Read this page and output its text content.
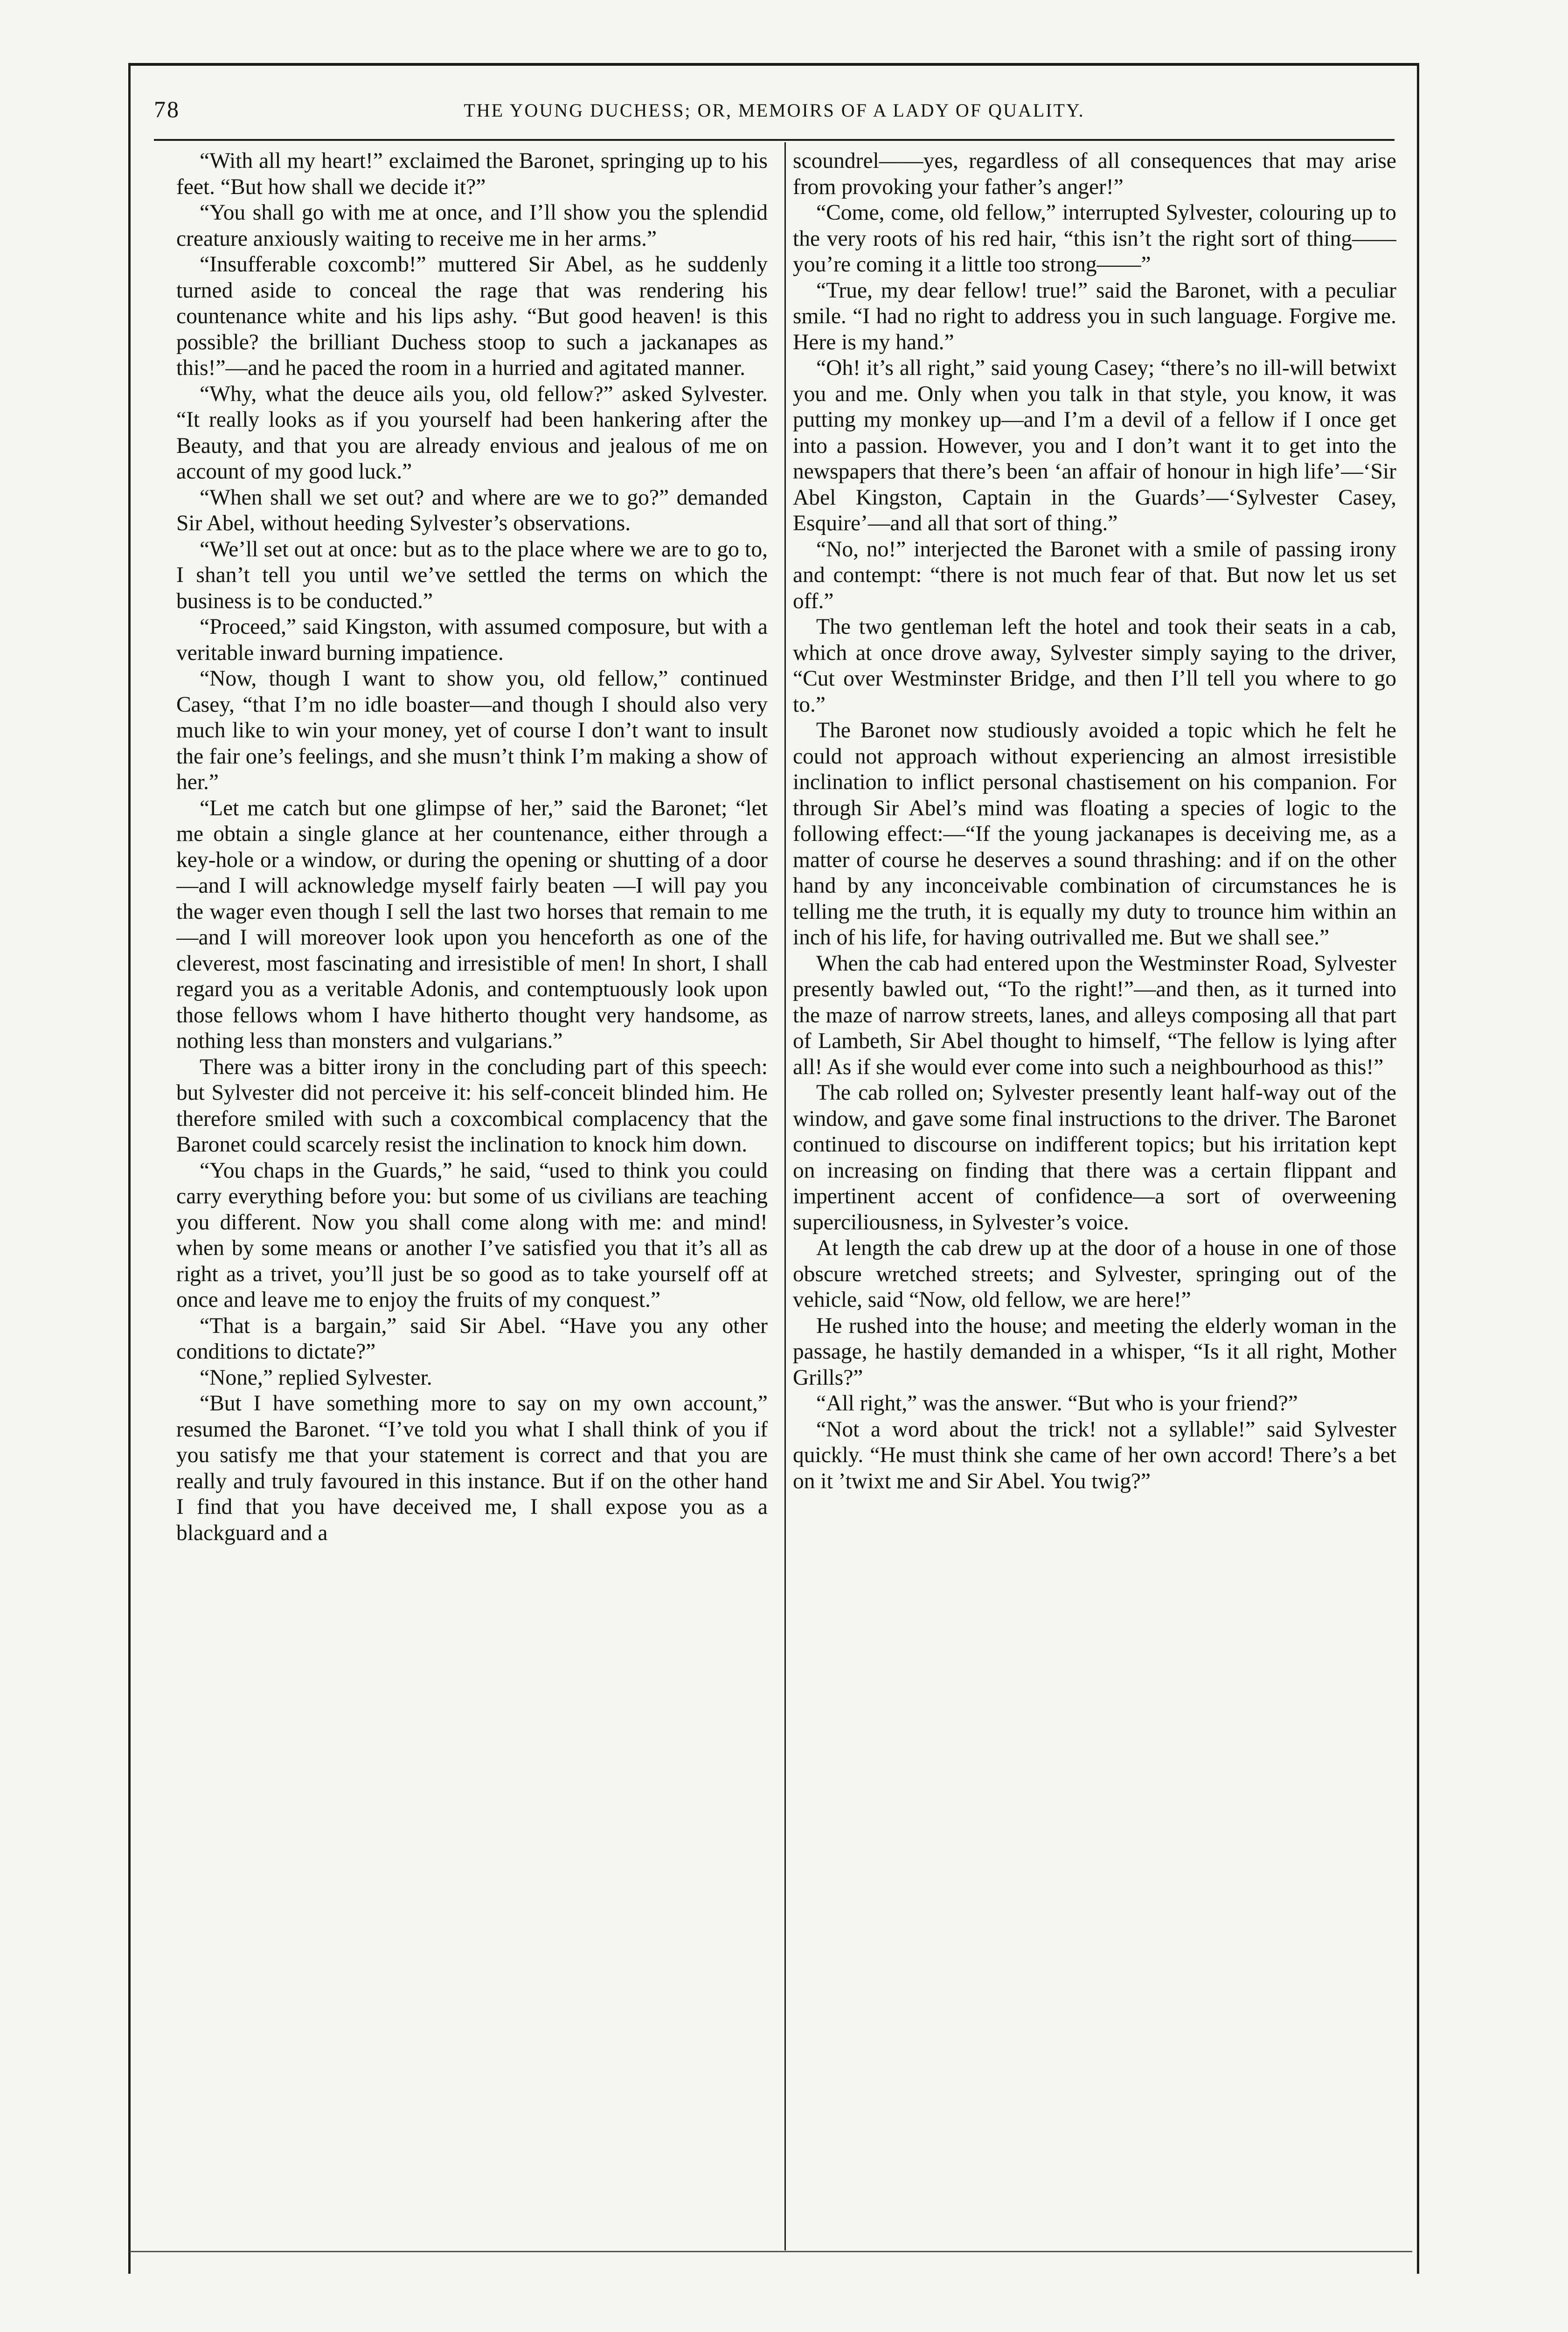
78	THE YOUNG DUCHESS; OR, MEMOIRS OF A LADY OF QUALITY.

“With all my heart!” exclaimed the Baronet, springing up to his feet. “But how shall we decide it?”

“You shall go with me at once, and I’ll show you the splendid creature anxiously waiting to receive me in her arms.”

“Insufferable coxcomb!” muttered Sir Abel, as he suddenly turned aside to conceal the rage that was rendering his countenance white and his lips ashy. “But good heaven! is this possible? the brilliant Duchess stoop to such a jackanapes as this!”—and he paced the room in a hurried and agitated manner.

“Why, what the deuce ails you, old fellow?” asked Sylvester. “It really looks as if you yourself had been hankering after the Beauty, and that you are already envious and jealous of me on account of my good luck.”

“When shall we set out? and where are we to go?” demanded Sir Abel, without heeding Sylvester’s observations.

“We’ll set out at once: but as to the place where we are to go to, I shan’t tell you until we’ve settled the terms on which the business is to be conducted.”

“Proceed,” said Kingston, with assumed composure, but with a veritable inward burning impatience.

“Now, though I want to show you, old fellow,” continued Casey, “that I’m no idle boaster—and though I should also very much like to win your money, yet of course I don’t want to insult the fair one’s feelings, and she musn’t think I’m making a show of her.”

“Let me catch but one glimpse of her,” said the Baronet; “let me obtain a single glance at her countenance, either through a key-hole or a window, or during the opening or shutting of a door—and I will acknowledge myself fairly beaten —I will pay you the wager even though I sell the last two horses that remain to me—and I will moreover look upon you henceforth as one of the cleverest, most fascinating and irresistible of men! In short, I shall regard you as a veritable Adonis, and contemptuously look upon those fellows whom I have hitherto thought very handsome, as nothing less than monsters and vulgarians.”

There was a bitter irony in the concluding part of this speech: but Sylvester did not perceive it: his self-conceit blinded him. He therefore smiled with such a coxcombical complacency that the Baronet could scarcely resist the inclination to knock him down.

“You chaps in the Guards,” he said, “used to think you could carry everything before you: but some of us civilians are teaching you different. Now you shall come along with me: and mind! when by some means or another I’ve satisfied you that it’s all as right as a trivet, you’ll just be so good as to take yourself off at once and leave me to enjoy the fruits of my conquest.”

“That is a bargain,” said Sir Abel. “Have you any other conditions to dictate?”

“None,” replied Sylvester.

“But I have something more to say on my own account,” resumed the Baronet. “I’ve told you what I shall think of you if you satisfy me that your statement is correct and that you are really and truly favoured in this instance. But if on the other hand I find that you have deceived me, I shall expose you as a blackguard and a

scoundrel——yes, regardless of all consequences that may arise from provoking your father’s anger!”

“Come, come, old fellow,” interrupted Sylvester, colouring up to the very roots of his red hair, “this isn’t the right sort of thing—— you’re coming it a little too strong——”

“True, my dear fellow! true!” said the Baronet, with a peculiar smile. “I had no right to address you in such language. Forgive me. Here is my hand.”

“Oh! it’s all right,” said young Casey; “there’s no ill-will betwixt you and me. Only when you talk in that style, you know, it was putting my monkey up—and I’m a devil of a fellow if I once get into a passion. However, you and I don’t want it to get into the newspapers that there’s been ‘an affair of honour in high life’—‘Sir Abel Kingston, Captain in the Guards’—‘Sylvester Casey, Esquire’—and all that sort of thing.”

“No, no!” interjected the Baronet with a smile of passing irony and contempt: “there is not much fear of that. But now let us set off.”

The two gentleman left the hotel and took their seats in a cab, which at once drove away, Sylvester simply saying to the driver, “Cut over Westminster Bridge, and then I’ll tell you where to go to.”

The Baronet now studiously avoided a topic which he felt he could not approach without experiencing an almost irresistible inclination to inflict personal chastisement on his companion. For through Sir Abel’s mind was floating a species of logic to the following effect:—“If the young jackanapes is deceiving me, as a matter of course he deserves a sound thrashing: and if on the other hand by any inconceivable combination of circumstances he is telling me the truth, it is equally my duty to trounce him within an inch of his life, for having outrivalled me. But we shall see.”

When the cab had entered upon the Westminster Road, Sylvester presently bawled out, “To the right!”—and then, as it turned into the maze of narrow streets, lanes, and alleys composing all that part of Lambeth, Sir Abel thought to himself, “The fellow is lying after all! As if she would ever come into such a neighbourhood as this!”

The cab rolled on; Sylvester presently leant half-way out of the window, and gave some final instructions to the driver. The Baronet continued to discourse on indifferent topics; but his irritation kept on increasing on finding that there was a certain flippant and impertinent accent of confidence—a sort of overweening superciliousness, in Sylvester’s voice.

At length the cab drew up at the door of a house in one of those obscure wretched streets; and Sylvester, springing out of the vehicle, said “Now, old fellow, we are here!”

He rushed into the house; and meeting the elderly woman in the passage, he hastily demanded in a whisper, “Is it all right, Mother Grills?”

“All right,” was the answer. “But who is your friend?”

“Not a word about the trick! not a syllable!” said Sylvester quickly. “He must think she came of her own accord! There’s a bet on it ’twixt me and Sir Abel. You twig?”
